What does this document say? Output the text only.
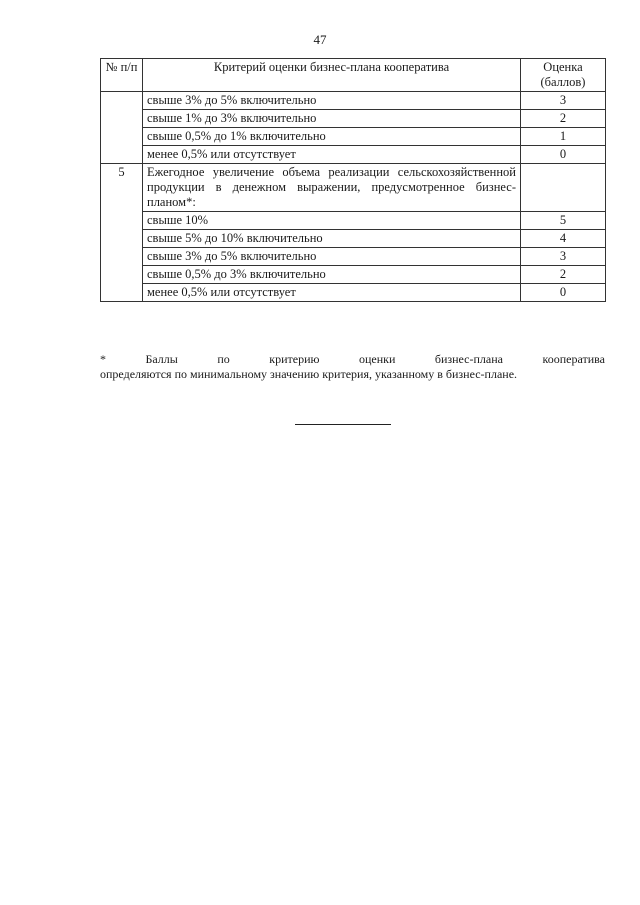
47
№ п/п	Критерий оценки бизнес-плана кооператива	Оценка (баллов)
	свыше 3% до 5% включительно	3
	свыше 1% до 3% включительно	2
	свыше 0,5% до 1% включительно	1
	менее 0,5% или отсутствует	0
5	Ежегодное увеличение объема реализации сельскохозяйственной продукции в денежном выражении, предусмотренное бизнес-планом*:	
	свыше 10%	5
	свыше 5% до 10% включительно	4
	свыше 3% до 5% включительно	3
	свыше 0,5% до 3% включительно	2
	менее 0,5% или отсутствует	0
*	Баллы	по	критерию	оценки	бизнес-плана	кооператива
определяются по минимальному значению критерия, указанному в бизнес-плане.
